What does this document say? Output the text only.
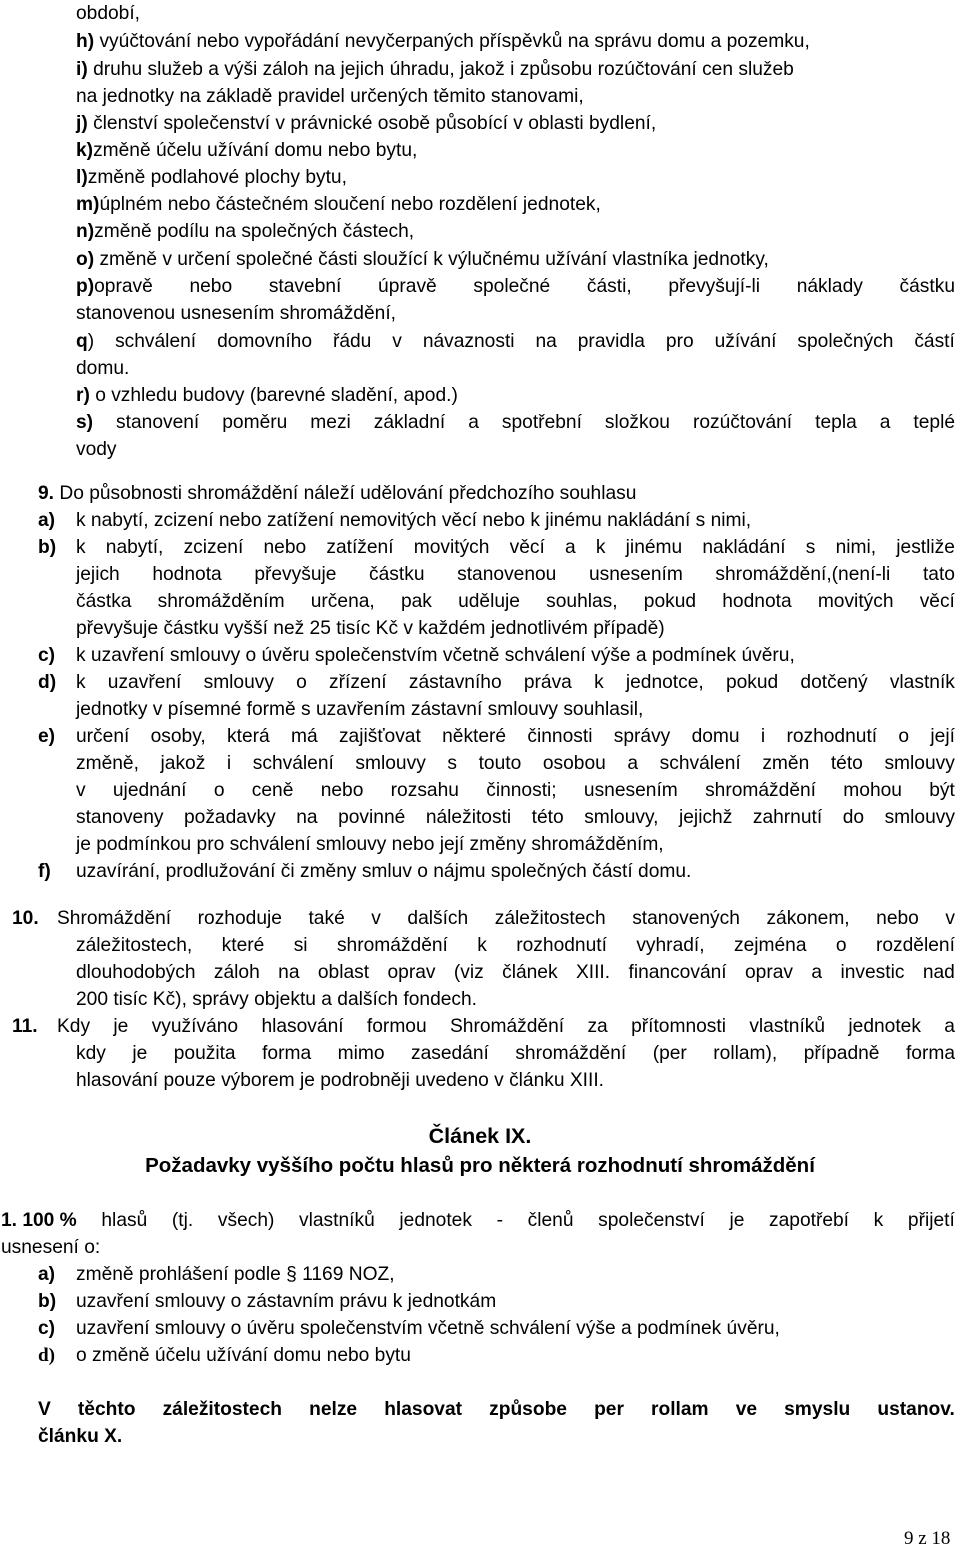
období,
h) vyúčtování nebo vypořádání nevyčerpaných příspěvků na správu domu a pozemku,
i) druhu služeb a výši záloh na jejich úhradu, jakož i způsobu rozúčtování cen služeb
na jednotky na základě pravidel určených těmito stanovami,
j) členství společenství v právnické osobě působící v oblasti bydlení,
k)změně účelu užívání domu nebo bytu,
l)změně podlahové plochy bytu,
m)úplném nebo částečném sloučení nebo rozdělení jednotek,
n)změně podílu na společných částech,
o) změně v určení společné části sloužící k výlučnému užívání vlastníka jednotky,
p)opravě nebo stavební úpravě společné části, převyšují-li náklady částku
stanovenou usnesením shromáždění,
q) schválení domovního řádu v návaznosti na pravidla pro užívání společných částí
domu.
r) o vzhledu budovy (barevné sladění, apod.)
s) stanovení poměru mezi základní a spotřební složkou rozúčtování tepla a teplé
vody
9. Do působnosti shromáždění náleží udělování předchozího souhlasu
a) k nabytí, zcizení nebo zatížení nemovitých věcí nebo k jinému nakládání s nimi,
b) k nabytí, zcizení nebo zatížení movitých věcí a k jinému nakládání s nimi, jestliže
jejich hodnota převyšuje částku stanovenou usnesením shromáždění,(není-li tato
částka shromážděním určena, pak uděluje souhlas, pokud hodnota movitých věcí
převyšuje částku vyšší než 25 tisíc Kč v každém jednotlivém případě)
c) k uzavření smlouvy o úvěru společenstvím včetně schválení výše a podmínek úvěru,
d) k uzavření smlouvy o zřízení zástavního práva k jednotce, pokud dotčený vlastník
jednotky v písemné formě s uzavřením zástavní smlouvy souhlasil,
e) určení osoby, která má zajišťovat některé činnosti správy domu i rozhodnutí o její
změně, jakož i schválení smlouvy s touto osobou a schválení změn této smlouvy
v ujednání o ceně nebo rozsahu činnosti; usnesením shromáždění mohou být
stanoveny požadavky na povinné náležitosti této smlouvy, jejichž zahrnutí do smlouvy
je podmínkou pro schválení smlouvy nebo její změny shromážděním,
f) uzavírání, prodlužování či změny smluv o nájmu společných částí domu.
10. Shromáždění rozhoduje také v dalších záležitostech stanovených zákonem, nebo v
záležitostech, které si shromáždění k rozhodnutí vyhradí, zejména o rozdělení
dlouhodobých záloh na oblast oprav (viz článek XIII. financování oprav a investic nad
200 tisíc Kč), správy objektu a dalších fondech.
11. Kdy je využíváno hlasování formou Shromáždění za přítomnosti vlastníků jednotek a
kdy je použita forma mimo zasedání shromáždění (per rollam), případně forma
hlasování pouze výborem je podrobněji uvedeno v článku XIII.
Článek IX.
Požadavky vyššího počtu hlasů pro některá rozhodnutí shromáždění
1. 100 % hlasů (tj. všech) vlastníků jednotek - členů společenství je zapotřebí k přijetí
usnesení o:
a) změně prohlášení podle § 1169 NOZ,
b) uzavření smlouvy o zástavním právu k jednotkám
c) uzavření smlouvy o úvěru společenstvím včetně schválení výše a podmínek úvěru,
d) o změně účelu užívání domu nebo bytu
V těchto záležitostech nelze hlasovat způsobe per rollam ve smyslu ustanov.
článku X.
9 z 18
